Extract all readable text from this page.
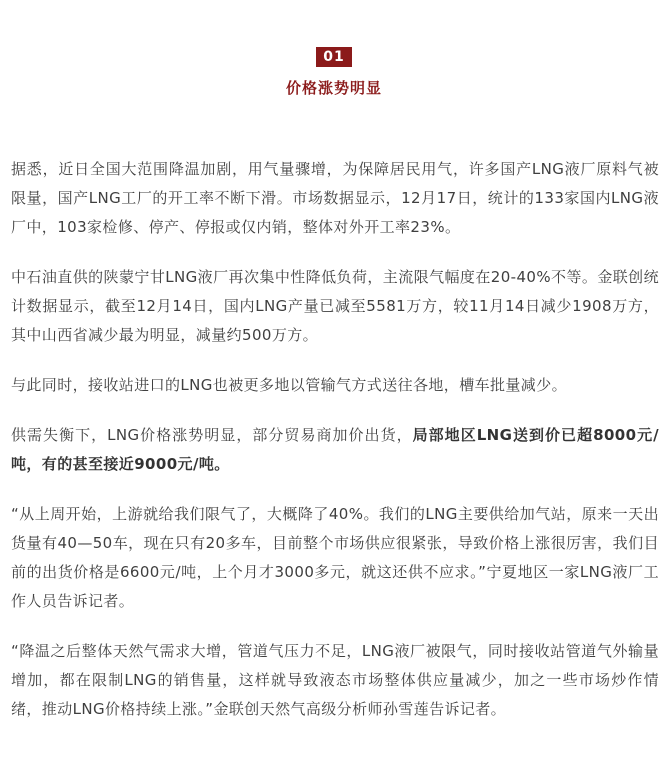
01
价格涨势明显

据悉，近日全国大范围降温加剧，用气量骤增，为保障居民用气，许多国产LNG液厂原料气被限量，国产LNG工厂的开工率不断下滑。市场数据显示，12月17日，统计的133家国内LNG液厂中，103家检修、停产、停报或仅内销，整体对外开工率23%。

中石油直供的陕蒙宁甘LNG液厂再次集中性降低负荷，主流限气幅度在20-40%不等。金联创统计数据显示，截至12月14日，国内LNG产量已减至5581万方，较11月14日减少1908万方，其中山西省减少最为明显，减量约500万方。

与此同时，接收站进口的LNG也被更多地以管输气方式送往各地，槽车批量减少。

供需失衡下，LNG价格涨势明显，部分贸易商加价出货，局部地区LNG送到价已超8000元/吨，有的甚至接近9000元/吨。

“从上周开始，上游就给我们限气了，大概降了40%。我们的LNG主要供给加气站，原来一天出货量有40—50车，现在只有20多车，目前整个市场供应很紧张，导致价格上涨很厉害，我们目前的出货价格是6600元/吨，上个月才3000多元，就这还供不应求。”宁夏地区一家LNG液厂工作人员告诉记者。

“降温之后整体天然气需求大增，管道气压力不足，LNG液厂被限气，同时接收站管道气外输量增加，都在限制LNG的销售量，这样就导致液态市场整体供应量减少，加之一些市场炒作情绪，推动LNG价格持续上涨。”金联创天然气高级分析师孙雪莲告诉记者。
